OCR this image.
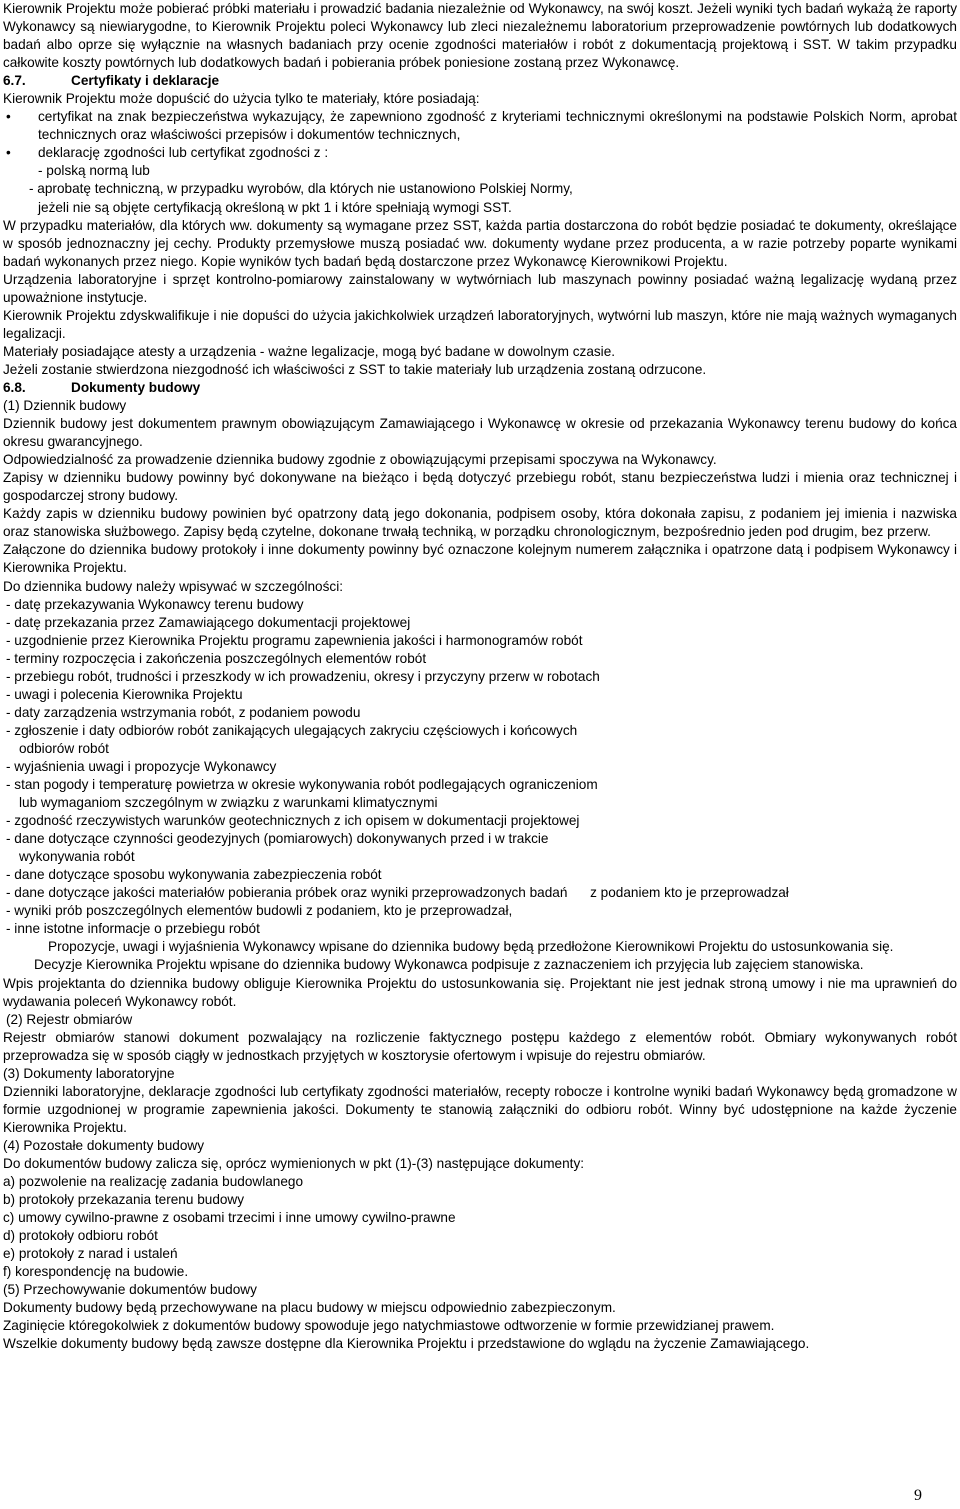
Kierownik Projektu może pobierać próbki materiału i prowadzić badania niezależnie od Wykonawcy, na swój koszt. Jeżeli wyniki tych badań wykażą że raporty Wykonawcy są niewiarygodne, to Kierownik Projektu poleci Wykonawcy lub zleci niezależnemu laboratorium przeprowadzenie powtórnych lub dodatkowych badań albo oprze się wyłącznie na własnych badaniach przy ocenie zgodności materiałów i robót z dokumentacją projektową i SST. W takim przypadku całkowite koszty powtórnych lub dodatkowych badań i pobierania próbek poniesione zostaną przez Wykonawcę.

6.7.	Certyfikaty i deklaracje

Kierownik Projektu może dopuścić do użycia tylko te materiały, które posiadają:

• certyfikat na znak bezpieczeństwa wykazujący, że zapewniono zgodność z kryteriami technicznymi określonymi na podstawie Polskich Norm, aprobat technicznych oraz właściwości przepisów i dokumentów technicznych,

• deklarację zgodności lub certyfikat zgodności z :

- polską normą lub

- aprobatę techniczną, w przypadku wyrobów, dla których nie ustanowiono Polskiej Normy,

jeżeli nie są objęte certyfikacją określoną w pkt 1 i które spełniają wymogi SST.

W przypadku materiałów, dla których ww. dokumenty są wymagane przez SST, każda partia dostarczona do robót będzie posiadać te dokumenty, określające w sposób jednoznaczny jej cechy. Produkty przemysłowe muszą posiadać ww. dokumenty wydane przez producenta, a w razie potrzeby poparte wynikami badań wykonanych przez niego. Kopie wyników tych badań będą dostarczone przez Wykonawcę Kierownikowi Projektu.

Urządzenia laboratoryjne i sprzęt kontrolno-pomiarowy zainstalowany w wytwórniach lub maszynach powinny posiadać ważną legalizację wydaną przez upoważnione instytucje.

Kierownik Projektu zdyskwalifikuje i nie dopuści do użycia jakichkolwiek urządzeń laboratoryjnych, wytwórni lub maszyn, które nie mają ważnych wymaganych legalizacji.

Materiały posiadające atesty a urządzenia - ważne legalizacje, mogą być badane w dowolnym czasie.

Jeżeli zostanie stwierdzona niezgodność ich właściwości z SST to takie materiały lub urządzenia zostaną odrzucone.

6.8.	Dokumenty budowy

(1) Dziennik budowy

Dziennik budowy jest dokumentem prawnym obowiązującym Zamawiającego i Wykonawcę w okresie od przekazania Wykonawcy terenu budowy do końca okresu gwarancyjnego.

Odpowiedzialność za prowadzenie dziennika budowy zgodnie z obowiązującymi przepisami spoczywa na Wykonawcy.

Zapisy w dzienniku budowy powinny być dokonywane na bieżąco i będą dotyczyć przebiegu robót, stanu bezpieczeństwa ludzi i mienia oraz technicznej i gospodarczej strony budowy.

Każdy zapis w dzienniku budowy powinien być opatrzony datą jego dokonania, podpisem osoby, która dokonała zapisu, z podaniem jej imienia i nazwiska oraz stanowiska służbowego. Zapisy będą czytelne, dokonane trwałą techniką, w porządku chronologicznym, bezpośrednio jeden pod drugim, bez przerw.

Załączone do dziennika budowy protokoły i inne dokumenty powinny być oznaczone kolejnym numerem załącznika i opatrzone datą i podpisem Wykonawcy i Kierownika Projektu.

Do dziennika budowy należy wpisywać w szczególności:

- datę przekazywania Wykonawcy terenu budowy

- datę przekazania przez Zamawiającego dokumentacji projektowej

- uzgodnienie przez Kierownika Projektu programu zapewnienia jakości i harmonogramów robót

- terminy rozpoczęcia i zakończenia poszczególnych elementów robót

- przebiegu robót, trudności i przeszkody w ich prowadzeniu, okresy i przyczyny przerw w robotach

- uwagi i polecenia Kierownika Projektu

- daty zarządzenia wstrzymania robót, z podaniem powodu

- zgłoszenie i daty odbiorów robót zanikających ulegających zakryciu częściowych i końcowych
odbiorów robót

- wyjaśnienia uwagi i propozycje Wykonawcy

- stan pogody i temperaturę powietrza w okresie wykonywania robót podlegających ograniczeniom
lub wymaganiom szczególnym w związku z warunkami klimatycznymi

- zgodność rzeczywistych warunków geotechnicznych z ich opisem w dokumentacji projektowej

- dane dotyczące czynności geodezyjnych (pomiarowych) dokonywanych przed i w trakcie
wykonywania robót

- dane dotyczące sposobu wykonywania zabezpieczenia robót

- dane dotyczące jakości materiałów pobierania próbek oraz wyniki przeprowadzonych badań      z podaniem kto je przeprowadzał

- wyniki prób poszczególnych elementów budowli z podaniem, kto je przeprowadzał,

- inne istotne informacje o przebiegu robót

Propozycje, uwagi i wyjaśnienia Wykonawcy wpisane do dziennika budowy będą przedłożone Kierownikowi Projektu do ustosunkowania się.

Decyzje Kierownika Projektu wpisane do dziennika budowy Wykonawca podpisuje z zaznaczeniem ich przyjęcia lub zajęciem stanowiska.

Wpis projektanta do dziennika budowy obliguje Kierownika Projektu do ustosunkowania się. Projektant nie jest jednak stroną umowy i nie ma uprawnień do wydawania poleceń Wykonawcy robót.

(2) Rejestr obmiarów

Rejestr obmiarów stanowi dokument pozwalający na rozliczenie faktycznego postępu każdego z elementów robót. Obmiary wykonywanych robót przeprowadza się w sposób ciągły w jednostkach przyjętych w kosztorysie ofertowym i wpisuje do rejestru obmiarów.

(3) Dokumenty laboratoryjne

Dzienniki laboratoryjne, deklaracje zgodności lub certyfikaty zgodności materiałów, recepty robocze i kontrolne wyniki badań Wykonawcy będą gromadzone w formie uzgodnionej w programie zapewnienia jakości. Dokumenty te stanowią załączniki do odbioru robót. Winny być udostępnione na każde życzenie Kierownika Projektu.

(4) Pozostałe dokumenty budowy

Do dokumentów budowy zalicza się, oprócz wymienionych w pkt (1)-(3) następujące dokumenty:

a) pozwolenie na realizację zadania budowlanego

b) protokoły przekazania terenu budowy

c) umowy cywilno-prawne z osobami trzecimi i inne umowy cywilno-prawne

d) protokoły odbioru robót

e) protokoły z narad i ustaleń

f) korespondencję na budowie.

(5) Przechowywanie dokumentów budowy

Dokumenty budowy będą przechowywane na placu budowy w miejscu odpowiednio zabezpieczonym.

Zaginięcie któregokolwiek z dokumentów budowy spowoduje jego natychmiastowe odtworzenie w formie przewidzianej prawem.

Wszelkie dokumenty budowy będą zawsze dostępne dla Kierownika Projektu i przedstawione do wglądu na życzenie Zamawiającego.

9
